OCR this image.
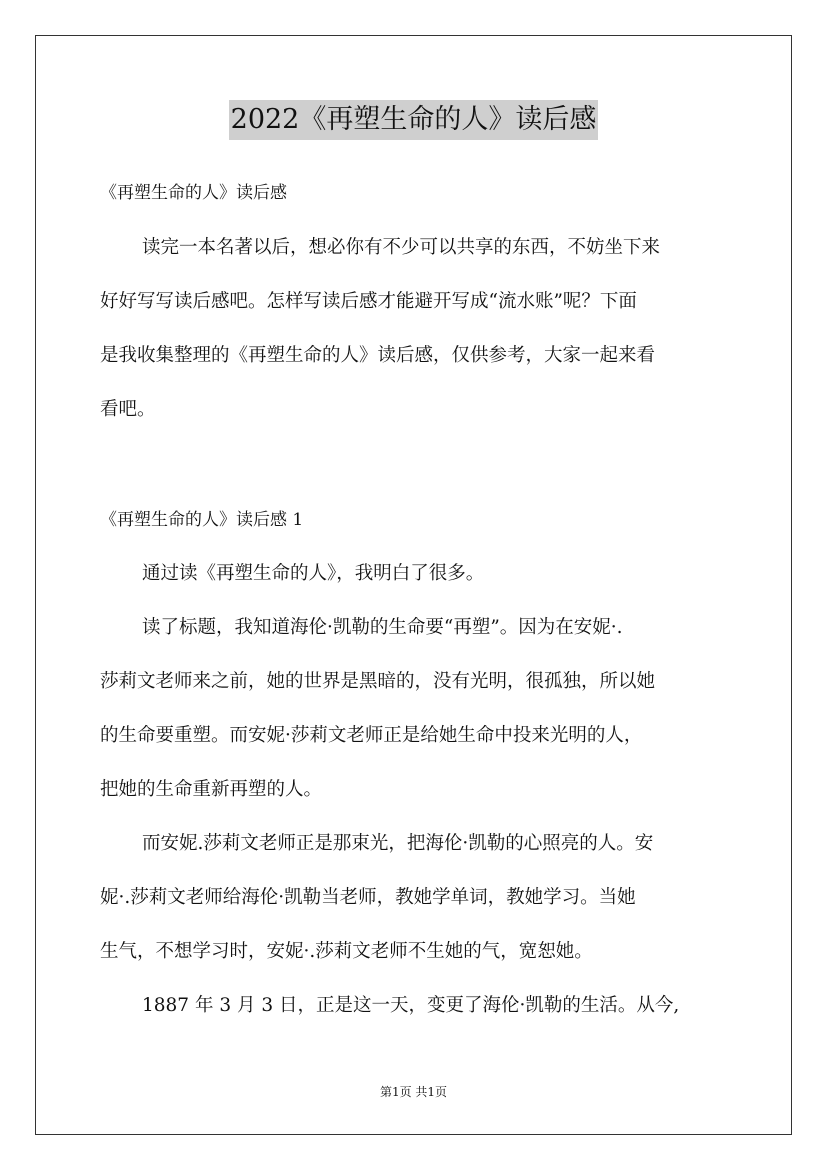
2022《再塑生命的人》读后感
《再塑生命的人》读后感
读完一本名著以后，想必你有不少可以共享的东西，不妨坐下来
好好写写读后感吧。怎样写读后感才能避开写成“流水账”呢？下面
是我收集整理的《再塑生命的人》读后感，仅供参考，大家一起来看
看吧。
《再塑生命的人》读后感 1
通过读《再塑生命的人》，我明白了很多。
读了标题，我知道海伦·凯勒的生命要“再塑”。因为在安妮·.
莎莉文老师来之前，她的世界是黑暗的，没有光明，很孤独，所以她
的生命要重塑。而安妮·莎莉文老师正是给她生命中投来光明的人，
把她的生命重新再塑的人。
而安妮.莎莉文老师正是那束光，把海伦·凯勒的心照亮的人。安
妮·.莎莉文老师给海伦·凯勒当老师，教她学单词，教她学习。当她
生气，不想学习时，安妮·.莎莉文老师不生她的气，宽恕她。
1887 年 3 月 3 日，正是这一天，变更了海伦·凯勒的生活。从今,
第1页 共1页
